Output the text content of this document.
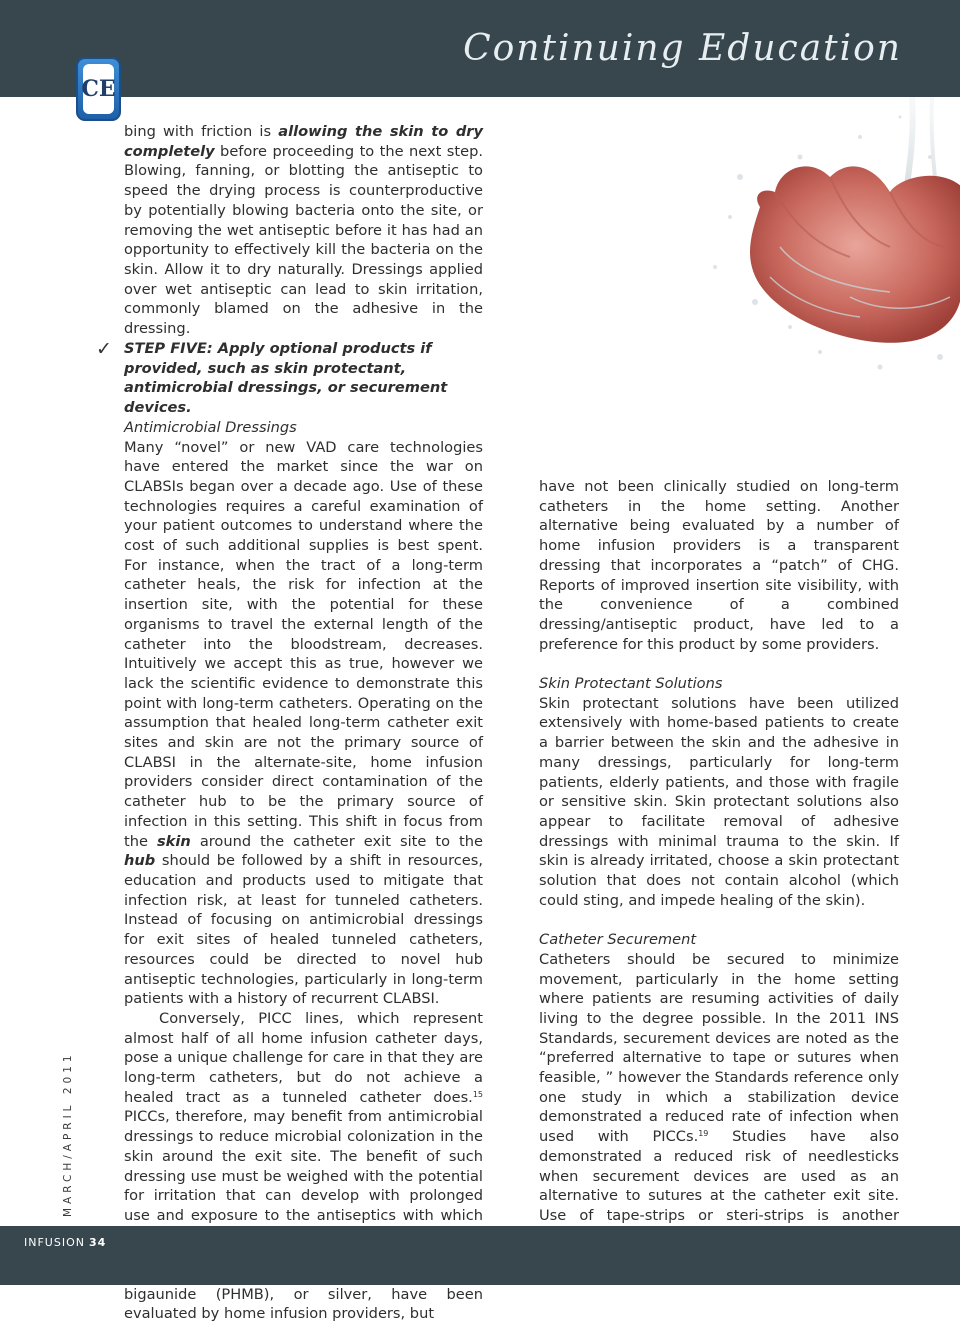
Continuing Education
CE

bing with friction is allowing the skin to dry completely before proceeding to the next step. Blowing, fanning, or blotting the antiseptic to speed the drying process is counterproductive by potentially blowing bacteria onto the site, or removing the wet antiseptic before it has had an opportunity to effectively kill the bacteria on the skin. Allow it to dry naturally. Dressings applied over wet antiseptic can lead to skin irritation, commonly blamed on the adhesive in the dressing.

✓ STEP FIVE: Apply optional products if provided, such as skin protectant, antimicrobial dressings, or securement devices.

Antimicrobial Dressings

Many “novel” or new VAD care technologies have entered the market since the war on CLABSIs began over a decade ago. Use of these technologies requires a careful examination of your patient outcomes to understand where the cost of such additional supplies is best spent. For instance, when the tract of a long-term catheter heals, the risk for infection at the insertion site, with the potential for these organisms to travel the external length of the catheter into the bloodstream, decreases. Intuitively we accept this as true, however we lack the scientific evidence to demonstrate this point with long-term catheters. Operating on the assumption that healed long-term catheter exit sites and skin are not the primary source of CLABSI in the alternate-site, home infusion providers consider direct contamination of the catheter hub to be the primary source of infection in this setting. This shift in focus from the skin around the catheter exit site to the hub should be followed by a shift in resources, education and products used to mitigate that infection risk, at least for tunneled catheters. Instead of focusing on antimicrobial dressings for exit sites of healed tunneled catheters, resources could be directed to novel hub antiseptic technologies, particularly in long-term patients with a history of recurrent CLABSI.

Conversely, PICC lines, which represent almost half of all home infusion catheter days, pose a unique challenge for care in that they are long-term catheters, but do not achieve a healed tract as a tunneled catheter does.$^{15}$ PICCs, therefore, may benefit from antimicrobial dressings to reduce microbial colonization in the skin around the exit site. The benefit of such dressing use must be weighed with the potential for irritation that can develop with prolonged use and exposure to the antiseptics with which bigaunide (PHMB), or silver, have been evaluated by home infusion providers, but

have not been clinically studied on long-term catheters in the home setting. Another alternative being evaluated by a number of home infusion providers is a transparent dressing that incorporates a “patch” of CHG. Reports of improved insertion site visibility, with the convenience of a combined dressing/antiseptic product, have led to a preference for this product by some providers.

Skin Protectant Solutions

Skin protectant solutions have been utilized extensively with home-based patients to create a barrier between the skin and the adhesive in many dressings, particularly for long-term patients, elderly patients, and those with fragile or sensitive skin. Skin protectant solutions also appear to facilitate removal of adhesive dressings with minimal trauma to the skin. If skin is already irritated, choose a skin protectant solution that does not contain alcohol (which could sting, and impede healing of the skin).

Catheter Securement

Catheters should be secured to minimize movement, particularly in the home setting where patients are resuming activities of daily living to the degree possible. In the 2011 INS Standards, securement devices are noted as the “preferred alternative to tape or sutures when feasible, ” however the Standards reference only one study in which a stabilization device demonstrated a reduced rate of infection when used with PICCs.$^{19}$ Studies have also demonstrated a reduced risk of needlesticks when securement devices are used as an alternative to sutures at the catheter exit site. Use of tape-strips or steri-strips is another

MARCH/APRIL 2011
INFUSION 34
